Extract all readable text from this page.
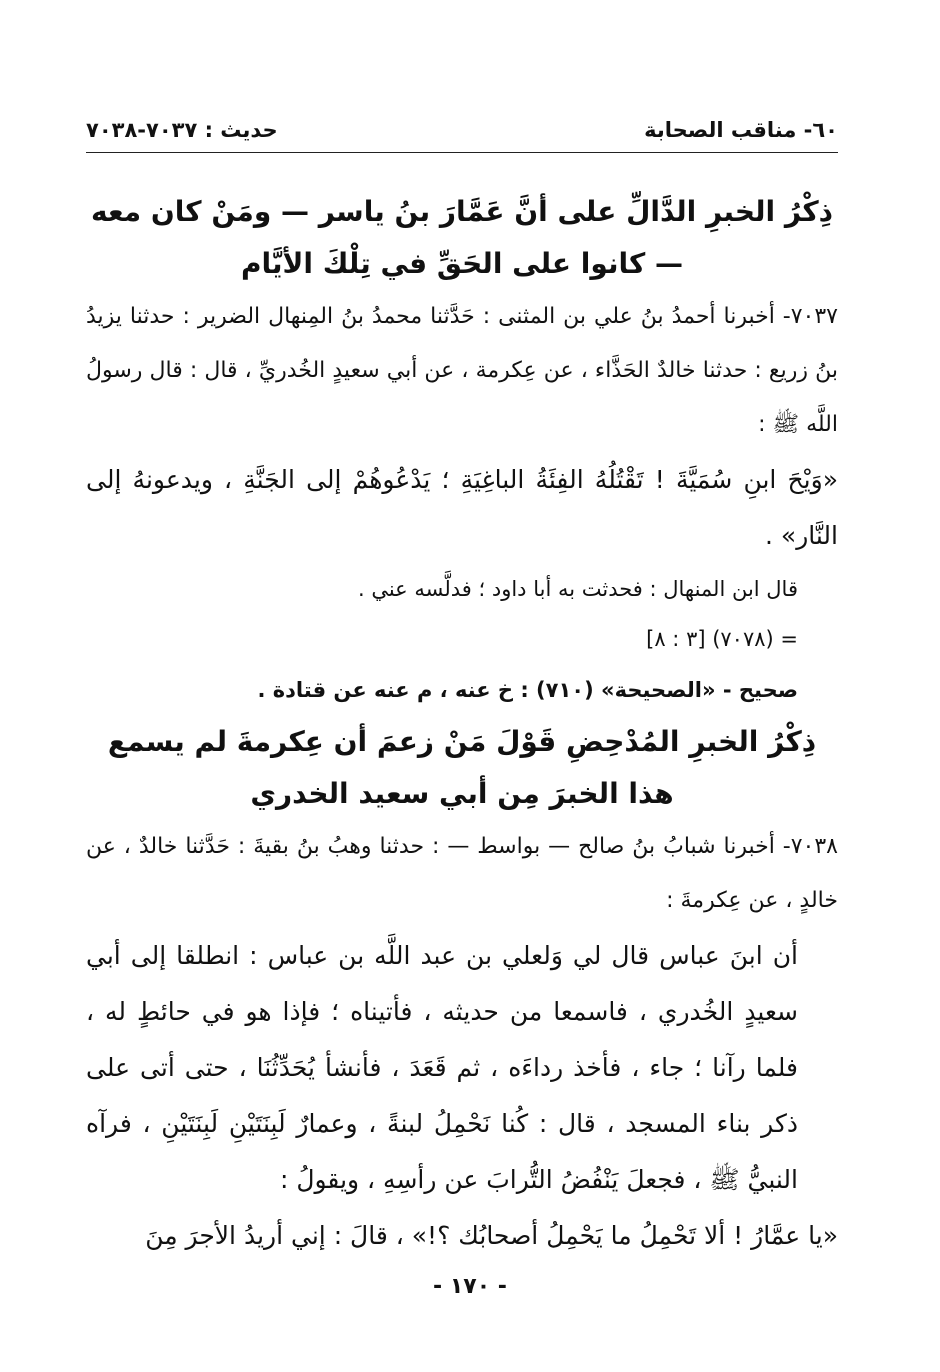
٦٠- مناقب الصحابة
حديث : ٧٠٣٧-٧٠٣٨

ذِكْرُ الخبرِ الدَّالِّ على أنَّ عَمَّارَ بنُ ياسر — ومَنْ كان معه — كانوا على الحَقِّ في تِلْكَ الأيَّام

٧٠٣٧- أخبرنا أحمدُ بنُ علي بن المثنى : حَدَّثنا محمدُ بنُ المِنهال الضرير : حدثنا يزيدُ بنُ زريع : حدثنا خالدٌ الحَذَّاء ، عن عِكرمة ، عن أبي سعيدٍ الخُدريِّ ، قال : قال رسولُ اللَّه ﷺ :

«وَيْحَ ابنِ سُمَيَّةَ ! تَقْتُلُهُ الفِئَةُ الباغِيَةِ ؛ يَدْعُوهُمْ إلى الجَنَّةِ ، ويدعونهُ إلى النَّار» .

قال ابن المنهال : فحدثت به أبا داود ؛ فدلَّسه عني .

= (٧٠٧٨) [٣ : ٨]

صحيح - «الصحيحة» (٧١٠) : خ عنه ، م عنه عن قتادة .

ذِكْرُ الخبرِ المُدْحِضِ قَوْلَ مَنْ زعمَ أن عِكرمةَ لم يسمع هذا الخبرَ مِن أبي سعيد الخدري

٧٠٣٨- أخبرنا شبابُ بنُ صالح — بواسط — : حدثنا وهبُ بنُ بقيةَ : حَدَّثنا خالدٌ ، عن خالدٍ ، عن عِكرمةَ :

أن ابنَ عباس قال لي وَلعلي بن عبد اللَّه بن عباس : انطلقا إلى أبي سعيدٍ الخُدري ، فاسمعا من حديثه ، فأتيناه ؛ فإذا هو في حائطٍ له ، فلما رآنا ؛ جاء ، فأخذ رداءَه ، ثم قَعَدَ ، فأنشأ يُحَدِّثُنَا ، حتى أتى على ذكر بناء المسجد ، قال : كُنا نَحْمِلُ لبنةً ، وعمارٌ لَبِنَتَيْنِ لَبِنَتَيْنِ ، فرآه النبيُّ ﷺ ، فجعلَ يَنْفُضُ التُّرابَ عن رأسِهِ ، ويقولُ :

«يا عمَّارُ ! ألا تَحْمِلُ ما يَحْمِلُ أصحابُك ؟!» ، قالَ : إني أريدُ الأجرَ مِنَ

- ١٧٠ -
